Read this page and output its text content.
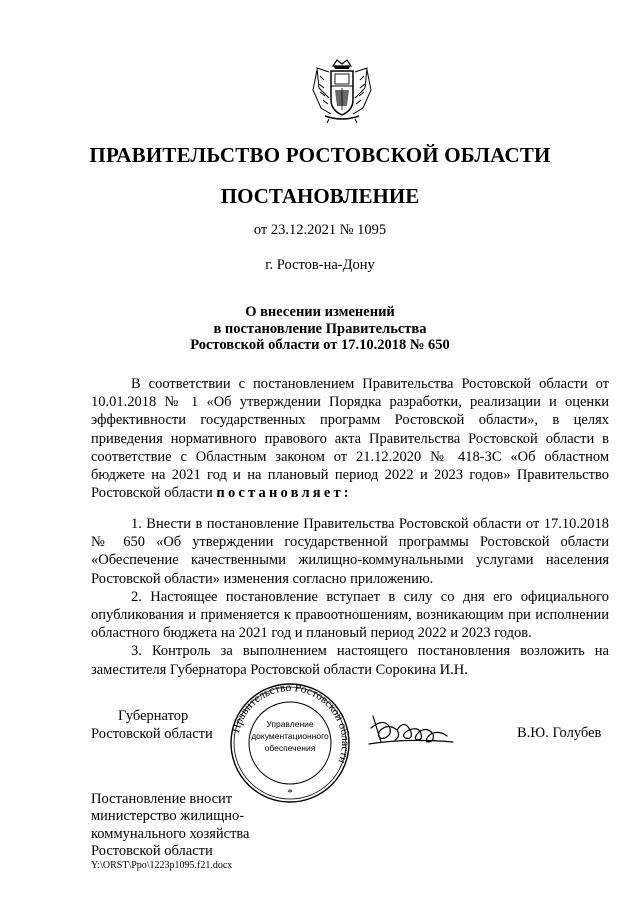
ПРАВИТЕЛЬСТВО РОСТОВСКОЙ ОБЛАСТИ
ПОСТАНОВЛЕНИЕ
от 23.12.2021 № 1095
г. Ростов-на-Дону
О внесении изменений
в постановление Правительства
Ростовской области от 17.10.2018 № 650

В соответствии с постановлением Правительства Ростовской области от 10.01.2018 № 1 «Об утверждении Порядка разработки, реализации и оценки эффективности государственных программ Ростовской области», в целях приведения нормативного правового акта Правительства Ростовской области в соответствие с Областным законом от 21.12.2020 № 418-ЗС «Об областном бюджете на 2021 год и на плановый период 2022 и 2023 годов» Правительство Ростовской области постановляет:

1. Внести в постановление Правительства Ростовской области от 17.10.2018 № 650 «Об утверждении государственной программы Ростовской области «Обеспечение качественными жилищно-коммунальными услугами населения Ростовской области» изменения согласно приложению.

2. Настоящее постановление вступает в силу со дня его официального опубликования и применяется к правоотношениям, возникающим при исполнении областного бюджета на 2021 год и плановый период 2022 и 2023 годов.

3. Контроль за выполнением настоящего постановления возложить на заместителя Губернатора Ростовской области Сорокина И.Н.

Губернатор
Ростовской области Правительство Ростовской области
Управление
документационного
обеспечения
*
В.Ю. Голубев
Постановление вносит
министерство жилищно-
коммунального хозяйства
Ростовской области
Y:\ORST\Ppo\1223p1095.f21.docx
